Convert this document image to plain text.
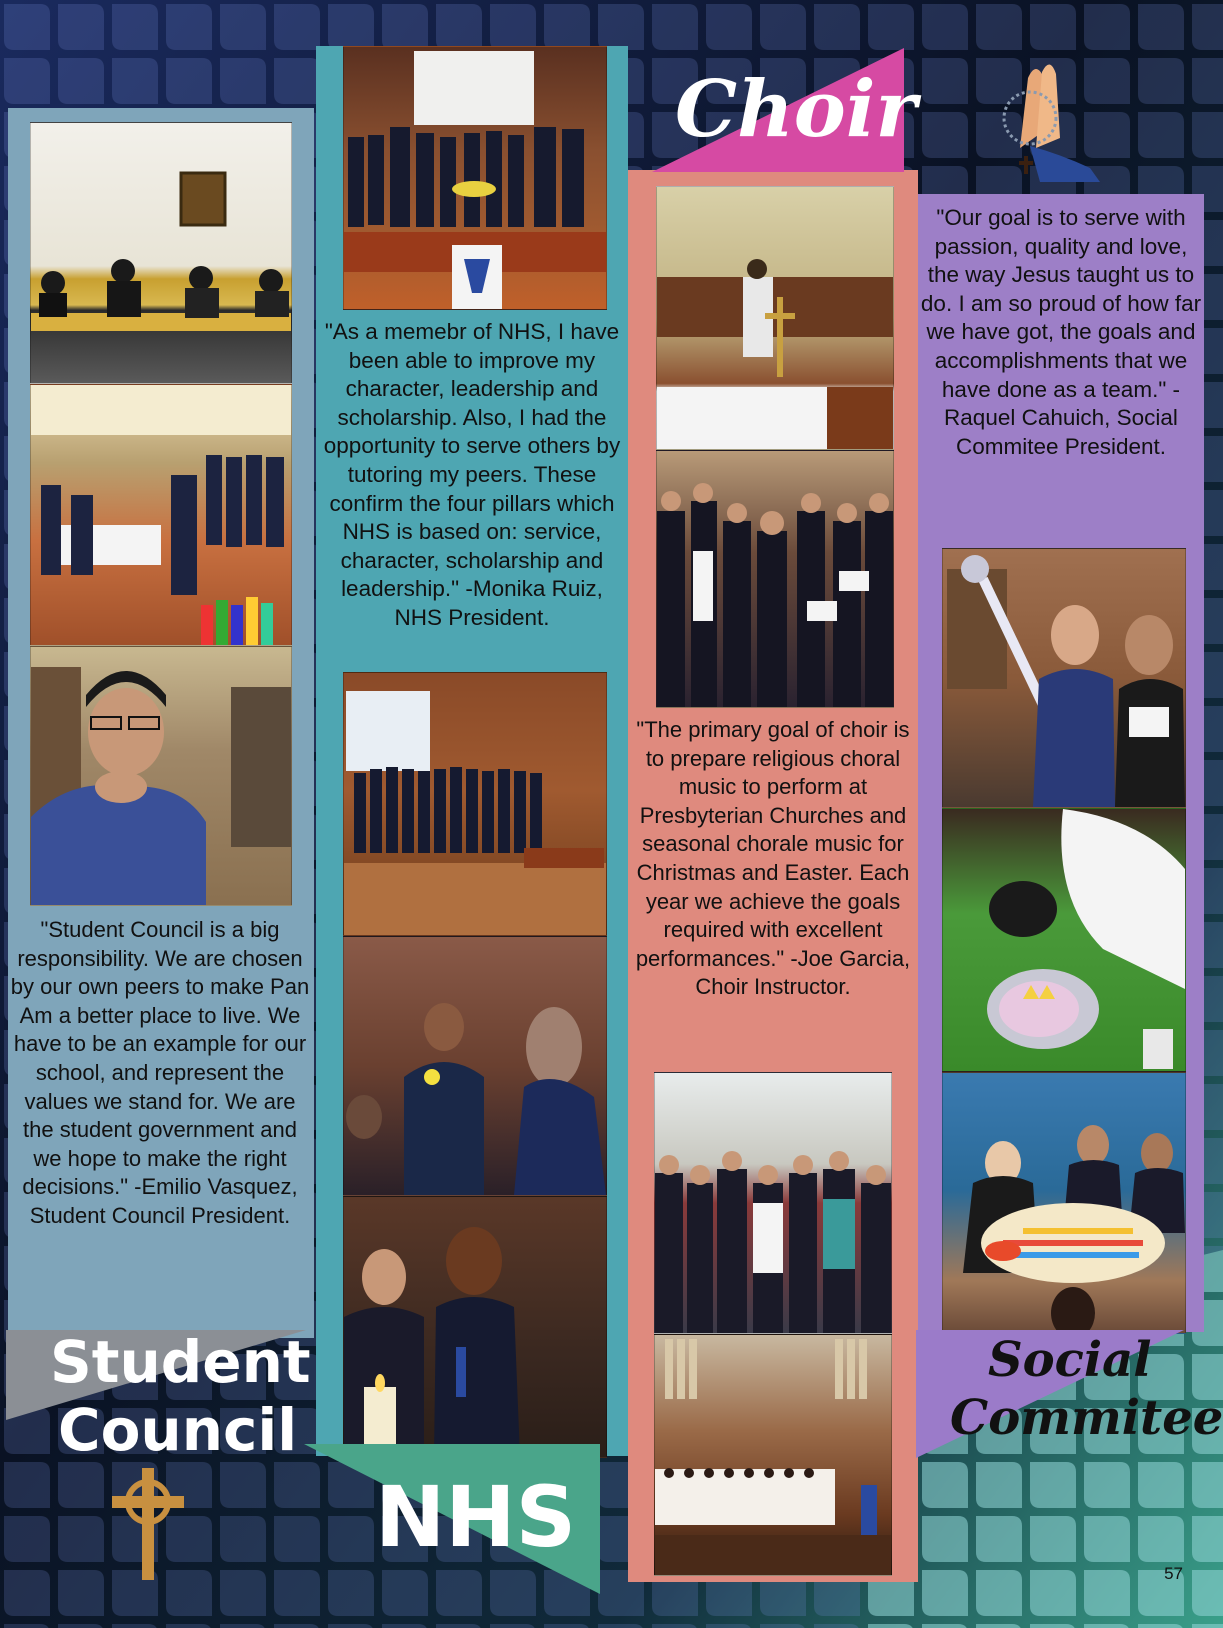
"Student Council is a big responsibility. We are chosen by our own peers to make Pan Am a better place to live. We have to be an example for our school, and represent the values we stand for. We are the student government and we hope to make the right decisions." -Emilio Vasquez, Student Council President.
Student
Council
"As a memebr of NHS, I have been able to improve my character, leadership and scholarship. Also, I had the opportunity to serve others by tutoring my peers. These confirm the four pillars which NHS is based on: service, character, scholarship and leadership." -Monika Ruiz, NHS President.
NHS
Choir
"The primary goal of choir is to prepare religious choral music to perform at Presbyterian Churches and seasonal chorale music for Christmas and Easter. Each year we achieve the goals required with excellent performances." -Joe Garcia, Choir Instructor.
"Our goal is to serve with passion, quality and love, the way Jesus taught us to do. I am so proud of how far we have got, the goals and accomplishments that we have done as a team." -Raquel Cahuich, Social Commitee President.
Social
Commitee
57
